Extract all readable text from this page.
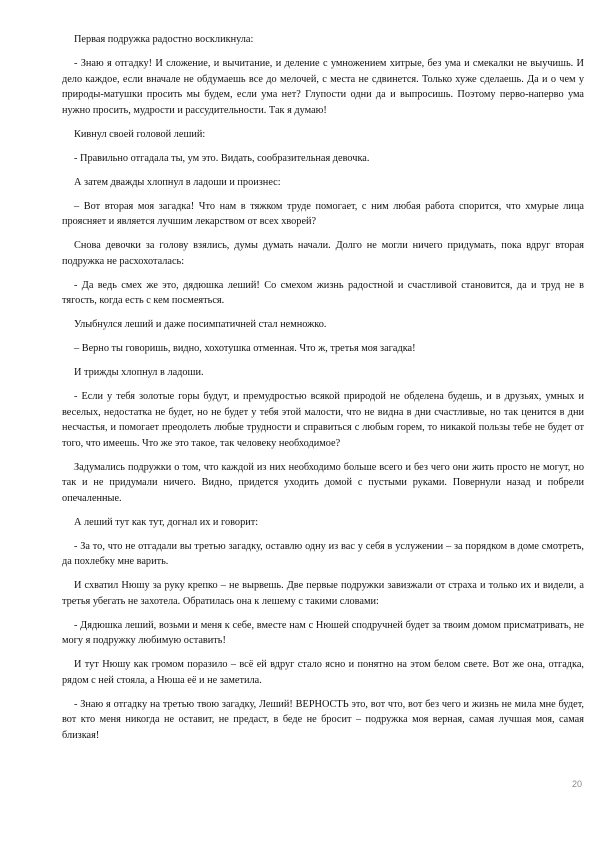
Первая подружка радостно воскликнула:

- Знаю я отгадку! И сложение, и вычитание, и деление с умножением хитрые, без ума и смекалки не выучишь. И дело каждое, если вначале не обдумаешь все до мелочей, с места не сдвинется. Только хуже сделаешь. Да и о чем у природы-матушки просить мы будем, если ума нет? Глупости одни да и выпросишь. Поэтому перво-наперво ума нужно просить, мудрости и рассудительности. Так я думаю!

Кивнул своей головой леший:

- Правильно отгадала ты, ум это. Видать, сообразительная девочка.

А затем дважды хлопнул в ладоши и произнес:

– Вот вторая моя загадка! Что нам в тяжком труде помогает, с ним любая работа спорится, что хмурые лица проясняет и является лучшим лекарством от всех хворей?

Снова девочки за голову взялись, думы думать начали. Долго не могли ничего придумать, пока вдруг вторая подружка не расхохоталась:

- Да ведь смех же это, дядюшка леший! Со смехом жизнь радостной и счастливой становится, да и труд не в тягость, когда есть с кем посмеяться.

Улыбнулся леший и даже посимпатичней стал немножко.

– Верно ты говоришь, видно, хохотушка отменная. Что ж, третья моя загадка!

И трижды хлопнул в ладоши.

- Если у тебя золотые горы будут, и премудростью всякой природой не обделена будешь, и в друзьях, умных и веселых, недостатка не будет, но не будет у тебя этой малости, что не видна в дни счастливые, но так ценится в дни несчастья, и помогает преодолеть любые трудности и справиться с любым горем, то никакой пользы тебе не будет от того, что имеешь. Что же это такое, так человеку необходимое?

Задумались подружки о том, что каждой из них необходимо больше всего и без чего они жить просто не могут, но так и не придумали ничего. Видно, придется уходить домой с пустыми руками. Повернули назад и побрели опечаленные.

А леший тут как тут, догнал их и говорит:

- За то, что не отгадали вы третью загадку, оставлю одну из вас у себя в услужении – за порядком в доме смотреть, да похлебку мне варить.

И схватил Нюшу за руку крепко – не вырвешь. Две первые подружки завизжали от страха и только их и видели, а третья убегать не захотела. Обратилась она к лешему с такими словами:

- Дядюшка леший, возьми и меня к себе, вместе нам с Нюшей сподручней будет за твоим домом присматривать, не могу я подружку любимую оставить!

И тут Нюшу как громом поразило – всё ей вдруг стало ясно и понятно на этом белом свете. Вот же она, отгадка, рядом с ней стояла, а Нюша её и не заметила.

- Знаю я отгадку на третью твою загадку, Леший! ВЕРНОСТЬ это, вот что, вот без чего и жизнь не мила мне будет, вот кто меня никогда не оставит, не предаст, в беде не бросит – подружка моя верная, самая лучшая моя, самая близкая!

20
